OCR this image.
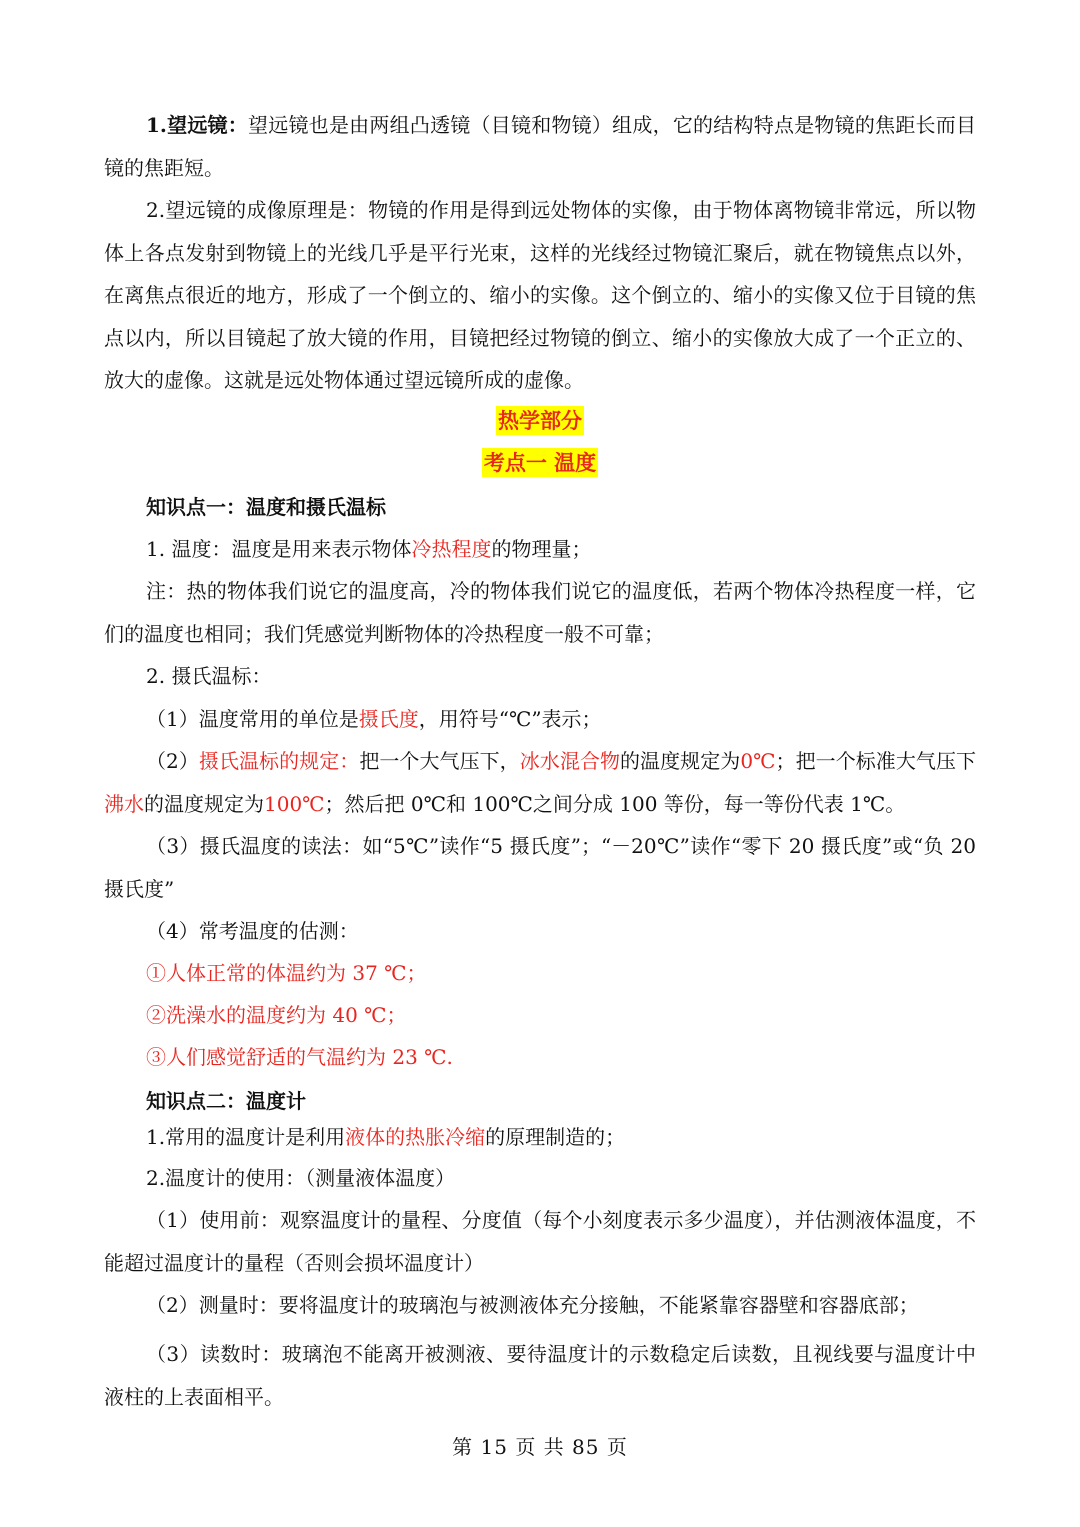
1.望远镜：望远镜也是由两组凸透镜（目镜和物镜）组成，它的结构特点是物镜的焦距长而目镜的焦距短。
2.望远镜的成像原理是：物镜的作用是得到远处物体的实像，由于物体离物镜非常远，所以物体上各点发射到物镜上的光线几乎是平行光束，这样的光线经过物镜汇聚后，就在物镜焦点以外，在离焦点很近的地方，形成了一个倒立的、缩小的实像。这个倒立的、缩小的实像又位于目镜的焦点以内，所以目镜起了放大镜的作用，目镜把经过物镜的倒立、缩小的实像放大成了一个正立的、放大的虚像。这就是远处物体通过望远镜所成的虚像。
热学部分
考点一 温度
知识点一：温度和摄氏温标
1. 温度：温度是用来表示物体冷热程度的物理量；
注：热的物体我们说它的温度高，冷的物体我们说它的温度低，若两个物体冷热程度一样，它们的温度也相同；我们凭感觉判断物体的冷热程度一般不可靠；
2. 摄氏温标：
（1）温度常用的单位是摄氏度，用符号“℃”表示；
（2）摄氏温标的规定：把一个大气压下，冰水混合物的温度规定为0℃；把一个标准大气压下沸水的温度规定为100℃；然后把 0℃和 100℃之间分成 100 等份，每一等份代表 1℃。
（3）摄氏温度的读法：如“5℃”读作“5 摄氏度”；“－20℃”读作“零下 20 摄氏度”或“负 20 摄氏度”
（4）常考温度的估测：
①人体正常的体温约为 37 ℃；
②洗澡水的温度约为 40 ℃；
③人们感觉舒适的气温约为 23 ℃.
知识点二：温度计
1.常用的温度计是利用液体的热胀冷缩的原理制造的；
2.温度计的使用：（测量液体温度）
（1）使用前：观察温度计的量程、分度值（每个小刻度表示多少温度），并估测液体温度，不能超过温度计的量程（否则会损坏温度计）
（2）测量时：要将温度计的玻璃泡与被测液体充分接触，不能紧靠容器壁和容器底部；
（3）读数时：玻璃泡不能离开被测液、要待温度计的示数稳定后读数，且视线要与温度计中液柱的上表面相平。
第 15 页 共 85 页
